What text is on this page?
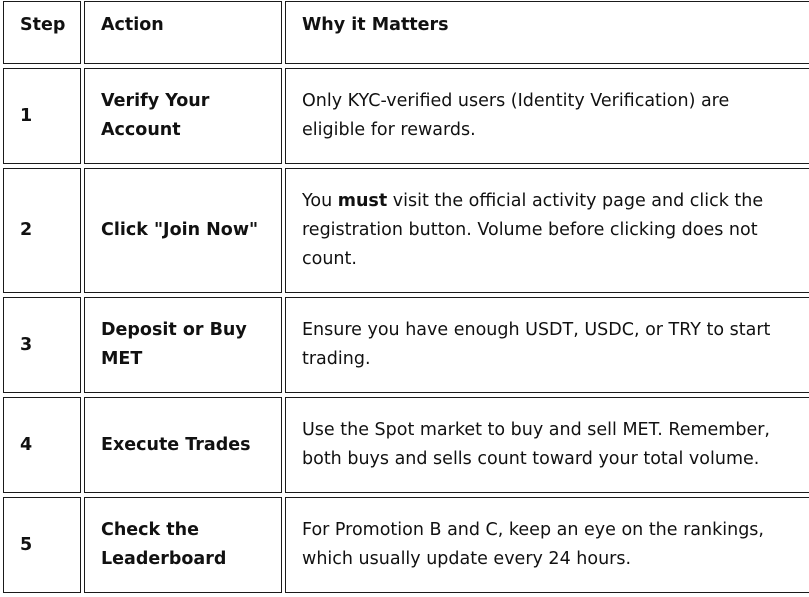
Step	Action	Why it Matters
1	Verify Your Account	Only KYC-verified users (Identity Verification) are eligible for rewards.
2	Click "Join Now"	You must visit the official activity page and click the registration button. Volume before clicking does not count.
3	Deposit or Buy MET	Ensure you have enough USDT, USDC, or TRY to start trading.
4	Execute Trades	Use the Spot market to buy and sell MET. Remember, both buys and sells count toward your total volume.
5	Check the Leaderboard	For Promotion B and C, keep an eye on the rankings, which usually update every 24 hours.
